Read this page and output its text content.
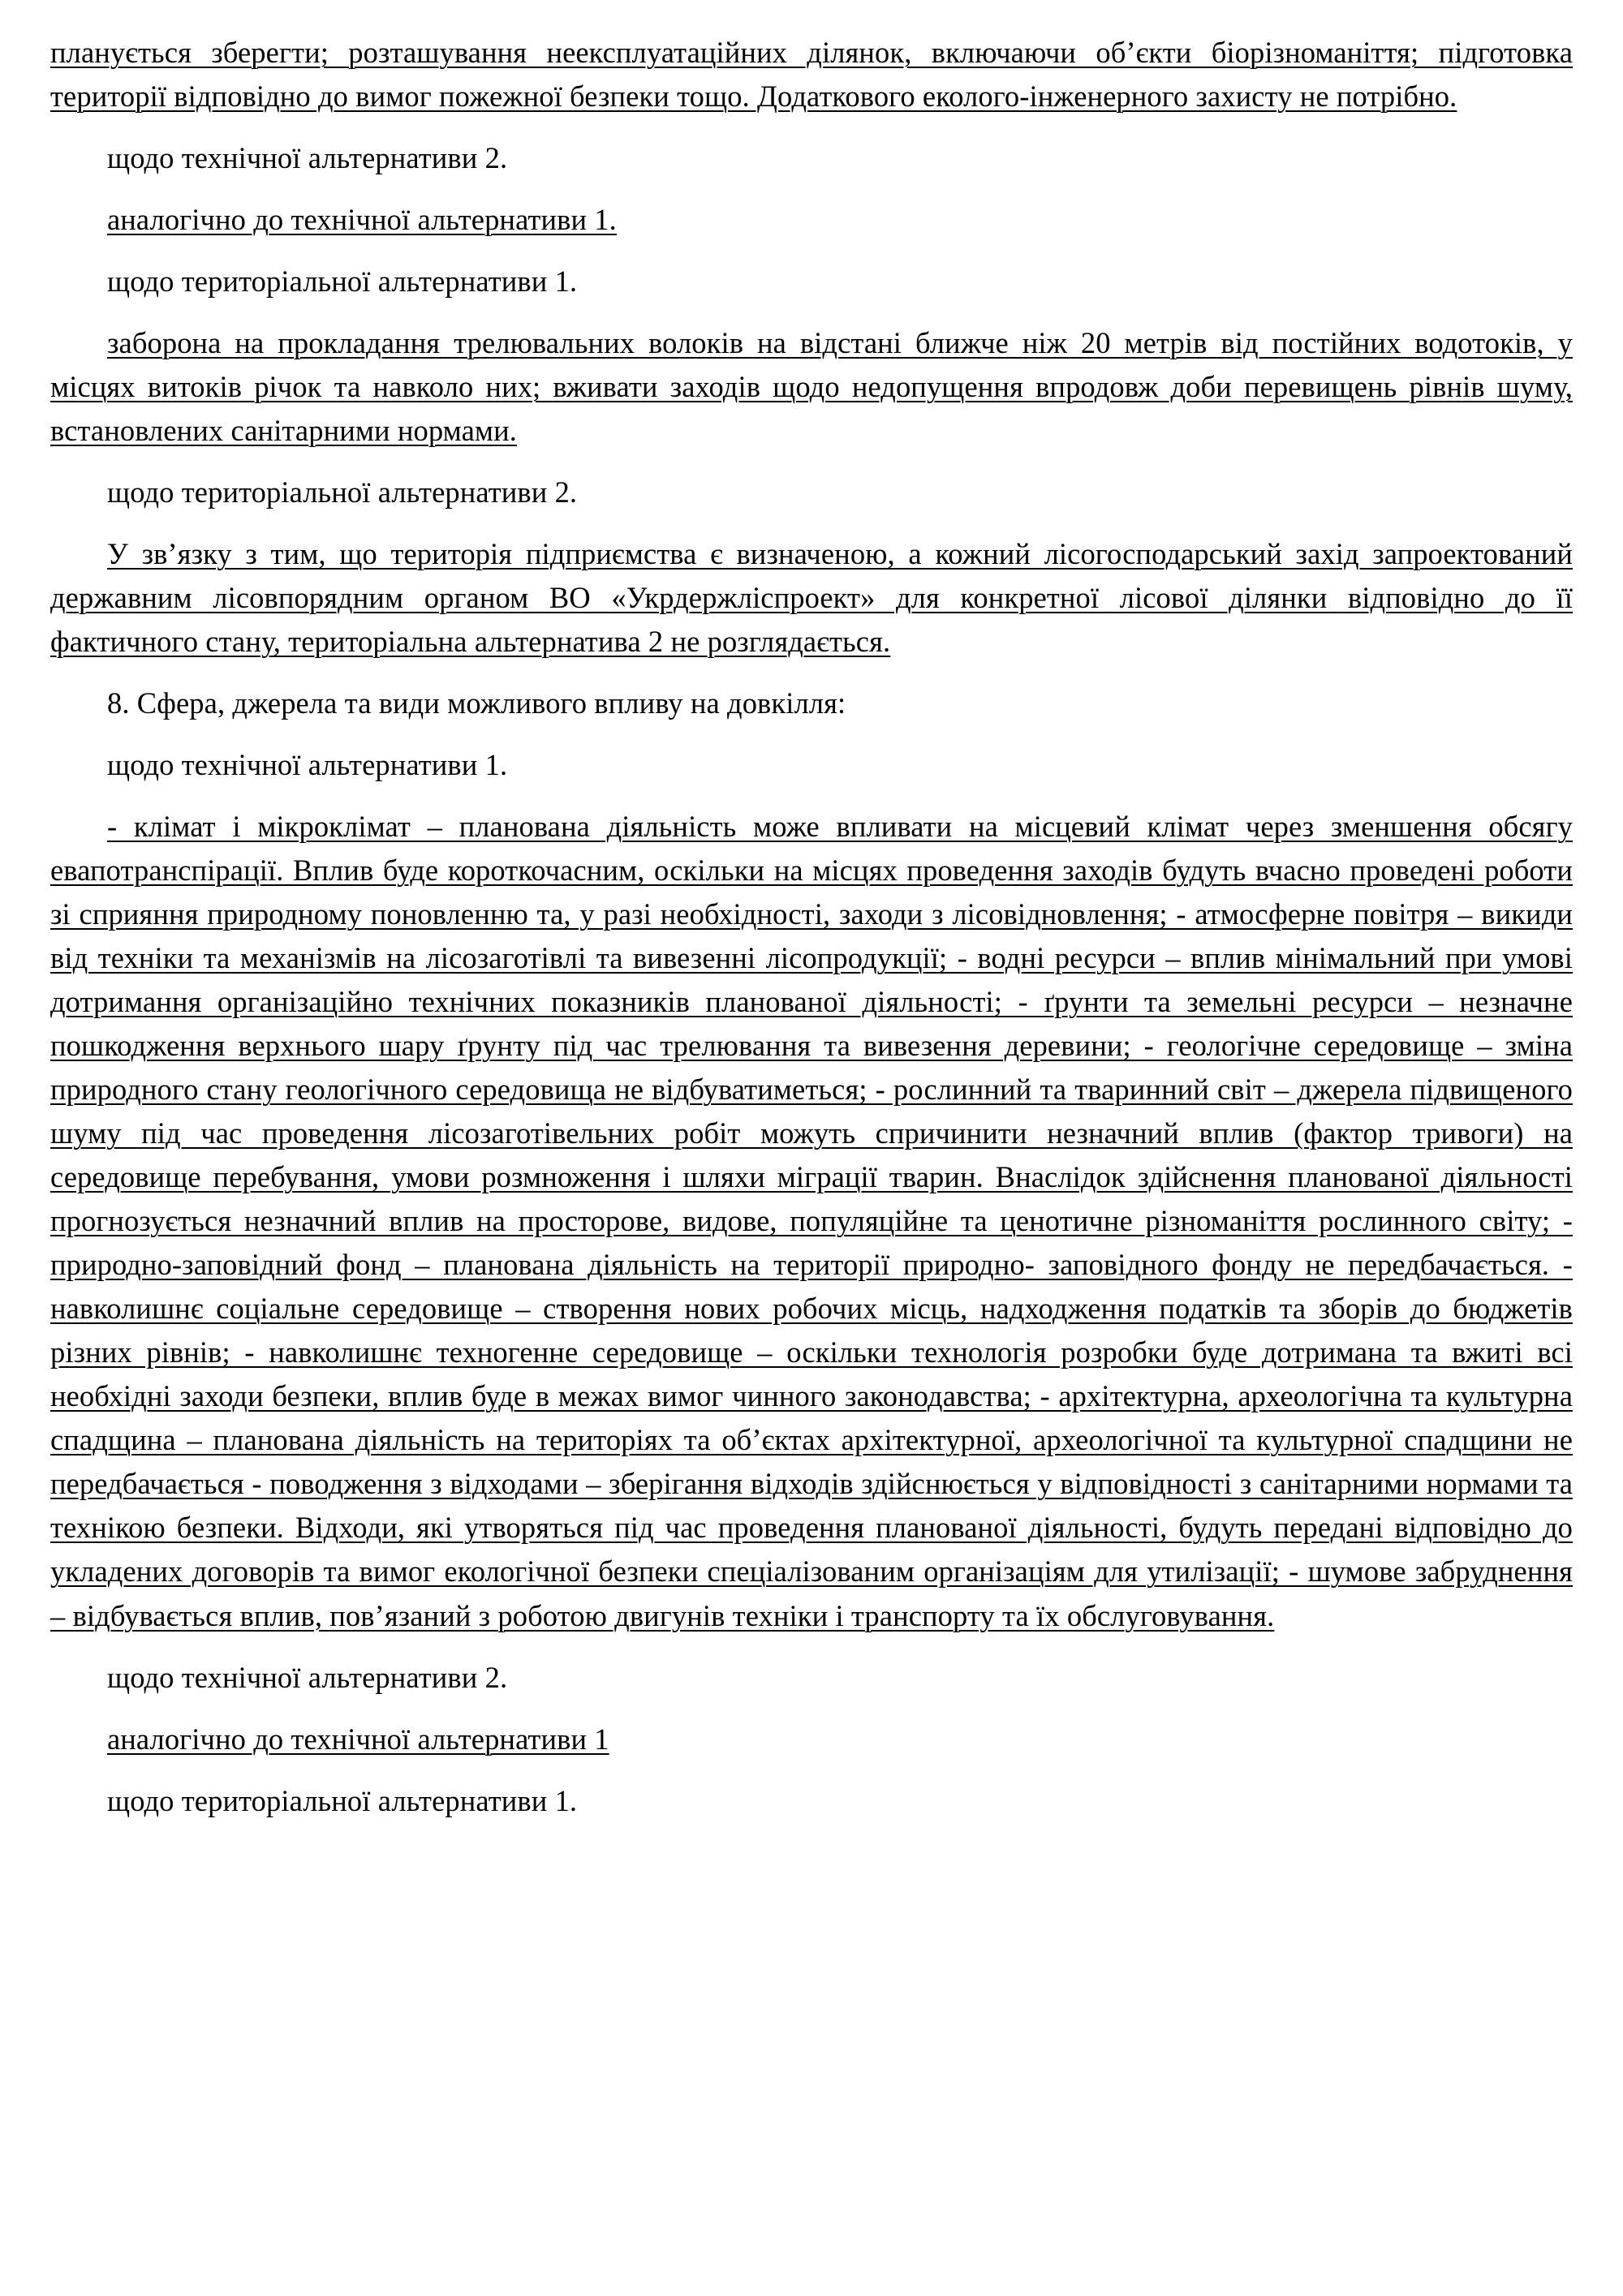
планується зберегти; розташування неексплуатаційних ділянок, включаючи об’єкти біорізноманіття; підготовка території відповідно до вимог пожежної безпеки тощо. Додаткового еколого-інженерного захисту не потрібно.

щодо технічної альтернативи 2.

аналогічно до технічної альтернативи 1.

щодо територіальної альтернативи 1.

заборона на прокладання трелювальних волоків на відстані ближче ніж 20 метрів від постійних водотоків, у місцях витоків річок та навколо них; вживати заходів щодо недопущення впродовж доби перевищень рівнів шуму, встановлених санітарними нормами.

щодо територіальної альтернативи 2.

У зв’язку з тим, що територія підприємства є визначеною, а кожний лісогосподарський захід запроектований державним лісовпорядним органом ВО «Укрдержліспроект» для конкретної лісової ділянки відповідно до її фактичного стану, територіальна альтернатива 2 не розглядається.

8. Сфера, джерела та види можливого впливу на довкілля:

щодо технічної альтернативи 1.

- клімат і мікроклімат – планована діяльність може впливати на місцевий клімат через зменшення обсягу евапотранспірації. Вплив буде короткочасним, оскільки на місцях проведення заходів будуть вчасно проведені роботи зі сприяння природному поновленню та, у разі необхідності, заходи з лісовідновлення; - атмосферне повітря – викиди від техніки та механізмів на лісозаготівлі та вивезенні лісопродукції; - водні ресурси – вплив мінімальний при умові дотримання організаційно технічних показників планованої діяльності; - ґрунти та земельні ресурси – незначне пошкодження верхнього шару ґрунту під час трелювання та вивезення деревини; - геологічне середовище – зміна природного стану геологічного середовища не відбуватиметься; - рослинний та тваринний світ – джерела підвищеного шуму під час проведення лісозаготівельних робіт можуть спричинити незначний вплив (фактор тривоги) на середовище перебування, умови розмноження і шляхи міграції тварин. Внаслідок здійснення планованої діяльності прогнозується незначний вплив на просторове, видове, популяційне та ценотичне різноманіття рослинного світу; - природно-заповідний фонд – планована діяльність на території природно- заповідного фонду не передбачається. - навколишнє соціальне середовище – створення нових робочих місць, надходження податків та зборів до бюджетів різних рівнів; - навколишнє техногенне середовище – оскільки технологія розробки буде дотримана та вжиті всі необхідні заходи безпеки, вплив буде в межах вимог чинного законодавства; - архітектурна, археологічна та культурна спадщина – планована діяльність на територіях та об’єктах архітектурної, археологічної та культурної спадщини не передбачається - поводження з відходами – зберігання відходів здійснюється у відповідності з санітарними нормами та технікою безпеки. Відходи, які утворяться під час проведення планованої діяльності, будуть передані відповідно до укладених договорів та вимог екологічної безпеки спеціалізованим організаціям для утилізації; - шумове забруднення – відбувається вплив, пов’язаний з роботою двигунів техніки і транспорту та їх обслуговування.

щодо технічної альтернативи 2.

аналогічно до технічної альтернативи 1

щодо територіальної альтернативи 1.
